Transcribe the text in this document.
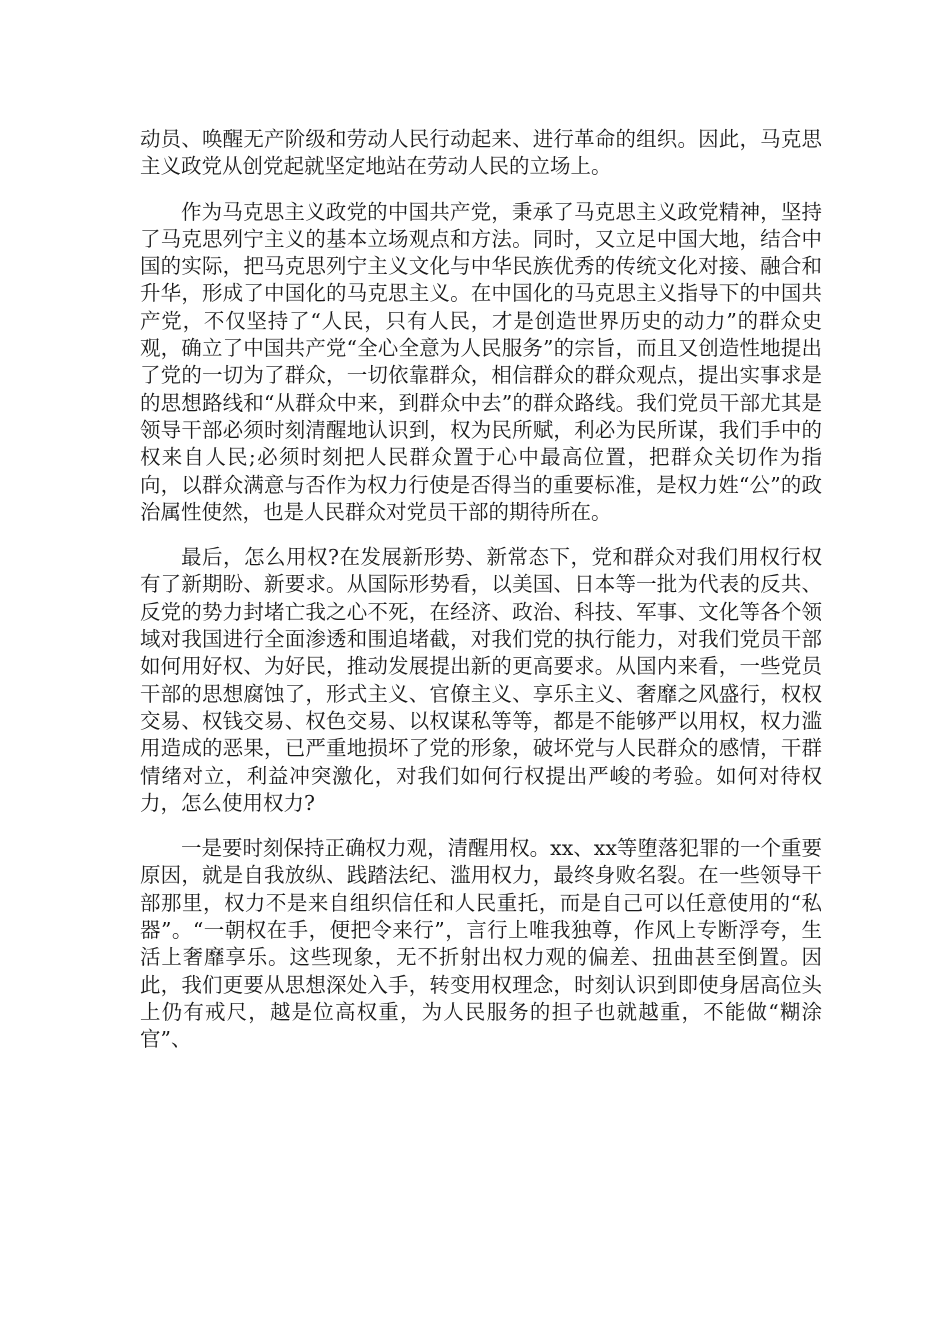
动员、唤醒无产阶级和劳动人民行动起来、进行革命的组织。因此，马克思主义政党从创党起就坚定地站在劳动人民的立场上。

作为马克思主义政党的中国共产党，秉承了马克思主义政党精神，坚持了马克思列宁主义的基本立场观点和方法。同时，又立足中国大地，结合中国的实际，把马克思列宁主义文化与中华民族优秀的传统文化对接、融合和升华，形成了中国化的马克思主义。在中国化的马克思主义指导下的中国共产党，不仅坚持了“人民，只有人民，才是创造世界历史的动力”的群众史观，确立了中国共产党“全心全意为人民服务”的宗旨，而且又创造性地提出了党的一切为了群众，一切依靠群众，相信群众的群众观点，提出实事求是的思想路线和“从群众中来，到群众中去”的群众路线。我们党员干部尤其是领导干部必须时刻清醒地认识到，权为民所赋，利必为民所谋，我们手中的权来自人民;必须时刻把人民群众置于心中最高位置，把群众关切作为指向，以群众满意与否作为权力行使是否得当的重要标准，是权力姓“公”的政治属性使然，也是人民群众对党员干部的期待所在。

最后，怎么用权?在发展新形势、新常态下，党和群众对我们用权行权有了新期盼、新要求。从国际形势看，以美国、日本等一批为代表的反共、反党的势力封堵亡我之心不死，在经济、政治、科技、军事、文化等各个领域对我国进行全面渗透和围追堵截，对我们党的执行能力，对我们党员干部如何用好权、为好民，推动发展提出新的更高要求。从国内来看，一些党员干部的思想腐蚀了，形式主义、官僚主义、享乐主义、奢靡之风盛行，权权交易、权钱交易、权色交易、以权谋私等等，都是不能够严以用权，权力滥用造成的恶果，已严重地损坏了党的形象，破坏党与人民群众的感情，干群情绪对立，利益冲突激化，对我们如何行权提出严峻的考验。如何对待权力，怎么使用权力?

一是要时刻保持正确权力观，清醒用权。xx、xx等堕落犯罪的一个重要原因，就是自我放纵、践踏法纪、滥用权力，最终身败名裂。在一些领导干部那里，权力不是来自组织信任和人民重托，而是自己可以任意使用的“私器”。“一朝权在手，便把令来行”，言行上唯我独尊，作风上专断浮夸，生活上奢靡享乐。这些现象，无不折射出权力观的偏差、扭曲甚至倒置。因此，我们更要从思想深处入手，转变用权理念，时刻认识到即使身居高位头上仍有戒尺，越是位高权重，为人民服务的担子也就越重，不能做“糊涂官”、
